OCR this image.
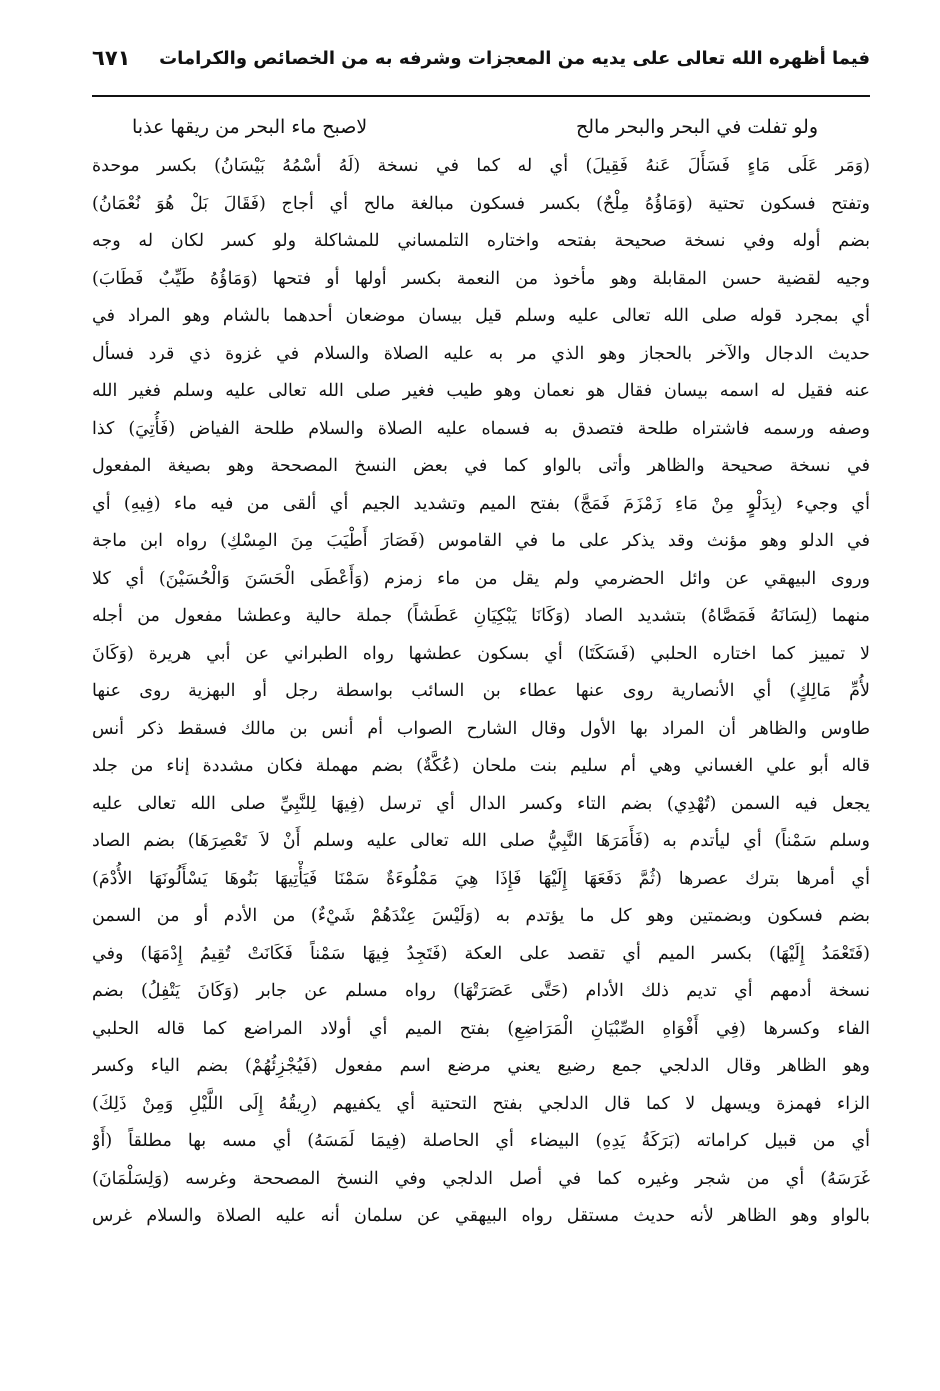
فيما أظهره الله تعالى على يديه من المعجزات وشرفه به من الخصائص والكرامات
٦٧١
ولو تفلت في البحر والبحر مالح
لاصبح ماء البحر من ريقها عذبا
(وَمَر عَلَى مَاءٍ فَسَأَلَ عَنهُ فَقِيلَ) أي له كما في نسخة (لَهُ أسْمُهُ بَيْسَانُ) بكسر موحدة
وتفتح فسكون تحتية (وَمَاؤُهُ مِلْحٌ) بكسر فسكون مبالغة مالح أي أجاج (فَقَالَ بَلْ هُوَ نُعْمَانُ)
بضم أوله وفي نسخة صحيحة بفتحه واختاره التلمساني للمشاكلة ولو كسر لكان له وجه
وجيه لقضية حسن المقابلة وهو مأخوذ من النعمة بكسر أولها أو فتحها (وَمَاؤُهُ طَيِّبٌ فَطَابَ)
أي بمجرد قوله صلى الله تعالى عليه وسلم قيل بيسان موضعان أحدهما بالشام وهو المراد في
حديث الدجال والآخر بالحجاز وهو الذي مر به عليه الصلاة والسلام في غزوة ذي قرد فسأل
عنه فقيل له اسمه بيسان فقال هو نعمان وهو طيب فغير صلى الله تعالى عليه وسلم فغير الله
وصفه ورسمه فاشتراه طلحة فتصدق به فسماه عليه الصلاة والسلام طلحة الفياض (فَأُتِيَ) كذا
في نسخة صحيحة والظاهر وأتى بالواو كما في بعض النسخ المصححة وهو بصيغة المفعول
أي وجيء (بِدَلْوٍ مِنْ مَاءِ زَمْزَمَ فَمَجَّ) بفتح الميم وتشديد الجيم أي ألقى من فيه ماء (فِيهِ) أي
في الدلو وهو مؤنث وقد يذكر على ما في القاموس (فَصَارَ أَطْيَبَ مِنَ المِسْكِ) رواه ابن ماجة
وروى البيهقي عن وائل الحضرمي ولم يقل من ماء زمزم (وَأَعْطَى الْحَسَنَ وَالْحُسَيْنَ) أي كلا
منهما (لِسَانَهُ فَمَصَّاهُ) بتشديد الصاد (وَكَانَا يَبْكِيَانِ عَطَشاً) جملة حالية وعطشا مفعول من أجله
لا تمييز كما اختاره الحلبي (فَسَكَتَا) أي بسكون عطشها رواه الطبراني عن أبي هريرة (وَكَانَ
لأُمِّ مَالِكٍ) أي الأنصارية روى عنها عطاء بن السائب بواسطة رجل أو البهزية روى عنها
طاوس والظاهر أن المراد بها الأول وقال الشارح الصواب أم أنس بن مالك فسقط ذكر أنس
قاله أبو علي الغساني وهي أم سليم بنت ملحان (عُكَّةٌ) بضم مهملة فكان مشددة إناء من جلد
يجعل فيه السمن (تُهْدِي) بضم التاء وكسر الدال أي ترسل (فِيهَا لِلنَّبِيِّ صلى الله تعالى عليه
وسلم سَمْناً) أي ليأتدم به (فَأَمَرَهَا النَّبِيُّ صلى الله تعالى عليه وسلم أَنْ لاَ تَعْصِرَهَا) بضم الصاد
أي أمرها بترك عصرها (ثُمَّ دَفَعَهَا إِلَيْهَا فَإِذَا هِيَ مَمْلُوءَةٌ سَمْنَا فَيَأْتِيهَا بَنُوهَا يَسْأَلُونَهَا الأُدْمَ)
بضم فسكون وبضمتين وهو كل ما يؤتدم به (وَلَيْسَ عِنْدَهُمْ شَيْءٌ) من الأدم أو من السمن
(فَتَعْمَدُ إِلَيْهَا) بكسر الميم أي تقصد على العكة (فَتَجِدُ فِيهَا سَمْناً فَكَانَتْ تُقِيمُ إِدْمَهَا) وفي
نسخة أدمهم أي تديم ذلك الأدام (حَتَّى عَصَرَتْهَا) رواه مسلم عن جابر (وَكَانَ يَتْفِلُ) بضم
الفاء وكسرها (فِي أَفْوَاهِ الصِّبْيَانِ الْمَرَاضِعِ) بفتح الميم أي أولاد المراضع كما قاله الحلبي
وهو الظاهر وقال الدلجي جمع رضيع يعني مرضع اسم مفعول (فَيُجْزِئُهُمْ) بضم الياء وكسر
الزاء فهمزة ويسهل لا كما قال الدلجي بفتح التحتية أي يكفيهم (رِيقُهُ إِلَى اللَّيْلِ وَمِنْ ذَلِكَ)
أي من قبيل كراماته (بَرَكَةُ يَدِهِ) البيضاء أي الحاصلة (فِيمَا لَمَسَهُ) أي مسه بها مطلقاً (أَوْ
غَرَسَهُ) أي من شجر وغيره كما في أصل الدلجي وفي النسخ المصححة وغرسه (وَلِسَلْمَانَ)
بالواو وهو الظاهر لأنه حديث مستقل رواه البيهقي عن سلمان أنه عليه الصلاة والسلام غرس
